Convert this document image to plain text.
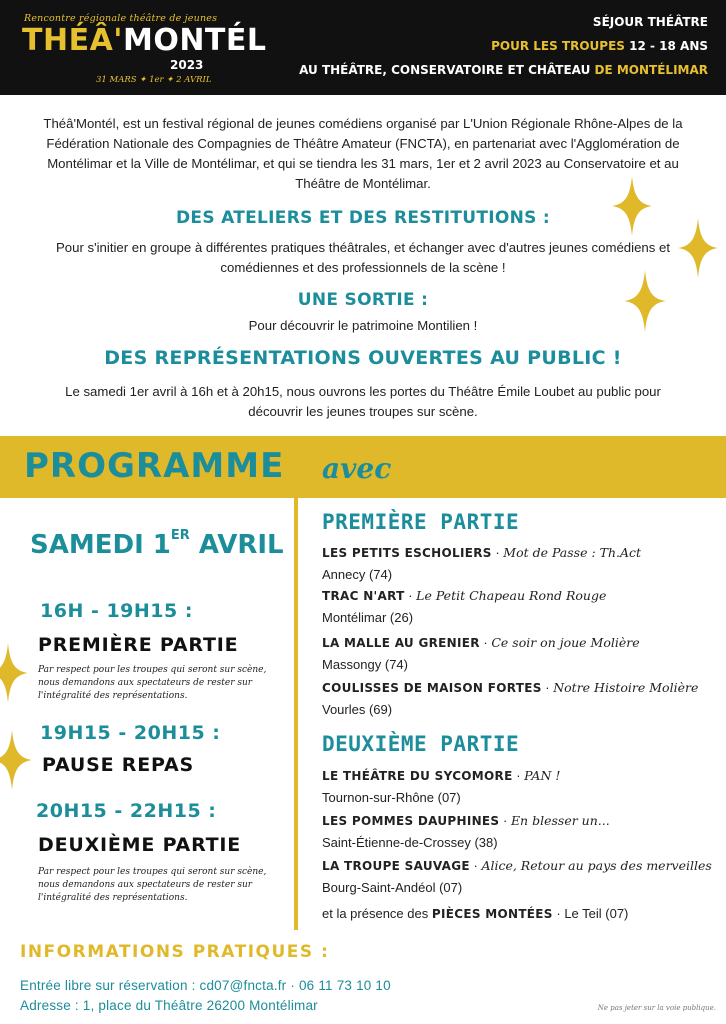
Rencontre régionale théâtre de jeunes
THÉÂ'MONTÉL
2023
31 MARS ✦ 1er ✦ 2 AVRIL
SÉJOUR THÉÂTRE
POUR LES TROUPES 12 - 18 ANS
AU THÉÂTRE, CONSERVATOIRE ET CHÂTEAU DE MONTÉLIMAR

Théâ'Montél, est un festival régional de jeunes comédiens organisé par L'Union Régionale Rhône-Alpes de la Fédération Nationale des Compagnies de Théâtre Amateur (FNCTA), en partenariat avec l'Agglomération de Montélimar et la Ville de Montélimar, et qui se tiendra les 31 mars, 1er et 2 avril 2023 au Conservatoire et au Théâtre de Montélimar.

DES ATELIERS ET DES RESTITUTIONS :

Pour s'initier en groupe à différentes pratiques théâtrales, et échanger avec d'autres jeunes comédiens et comédiennes et des professionnels de la scène !

UNE SORTIE :

Pour découvrir le patrimoine Montilien !

DES REPRÉSENTATIONS OUVERTES AU PUBLIC !

Le samedi 1er avril à 16h et à 20h15, nous ouvrons les portes du Théâtre Émile Loubet au public pour découvrir les jeunes troupes sur scène.

PROGRAMME avec
SAMEDI 1ER AVRIL
16H - 19H15 :
PREMIÈRE PARTIE

Par respect pour les troupes qui seront sur scène, nous demandons aux spectateurs de rester sur l'intégralité des représentations.

19H15 - 20H15 :
PAUSE REPAS
20H15 - 22H15 :
DEUXIÈME PARTIE

Par respect pour les troupes qui seront sur scène, nous demandons aux spectateurs de rester sur l'intégralité des représentations.

PREMIÈRE PARTIE
LES PETITS ESCHOLIERS · Mot de Passe : Th.Act
Annecy (74)
TRAC N'ART · Le Petit Chapeau Rond Rouge
Montélimar (26)
LA MALLE AU GRENIER · Ce soir on joue Molière
Massongy (74)
COULISSES DE MAISON FORTES · Notre Histoire Molière
Vourles (69)
DEUXIÈME PARTIE
LE THÉÂTRE DU SYCOMORE · PAN !
Tournon-sur-Rhône (07)
LES POMMES DAUPHINES · En blesser un...
Saint-Étienne-de-Crossey (38)
LA TROUPE SAUVAGE · Alice, Retour au pays des merveilles
Bourg-Saint-Andéol (07)
et la présence des PIÈCES MONTÉES · Le Teil (07)
INFORMATIONS PRATIQUES :
Entrée libre sur réservation : cd07@fncta.fr · 06 11 73 10 10
Adresse : 1, place du Théâtre 26200 Montélimar	Ne pas jeter sur la voie publique.
